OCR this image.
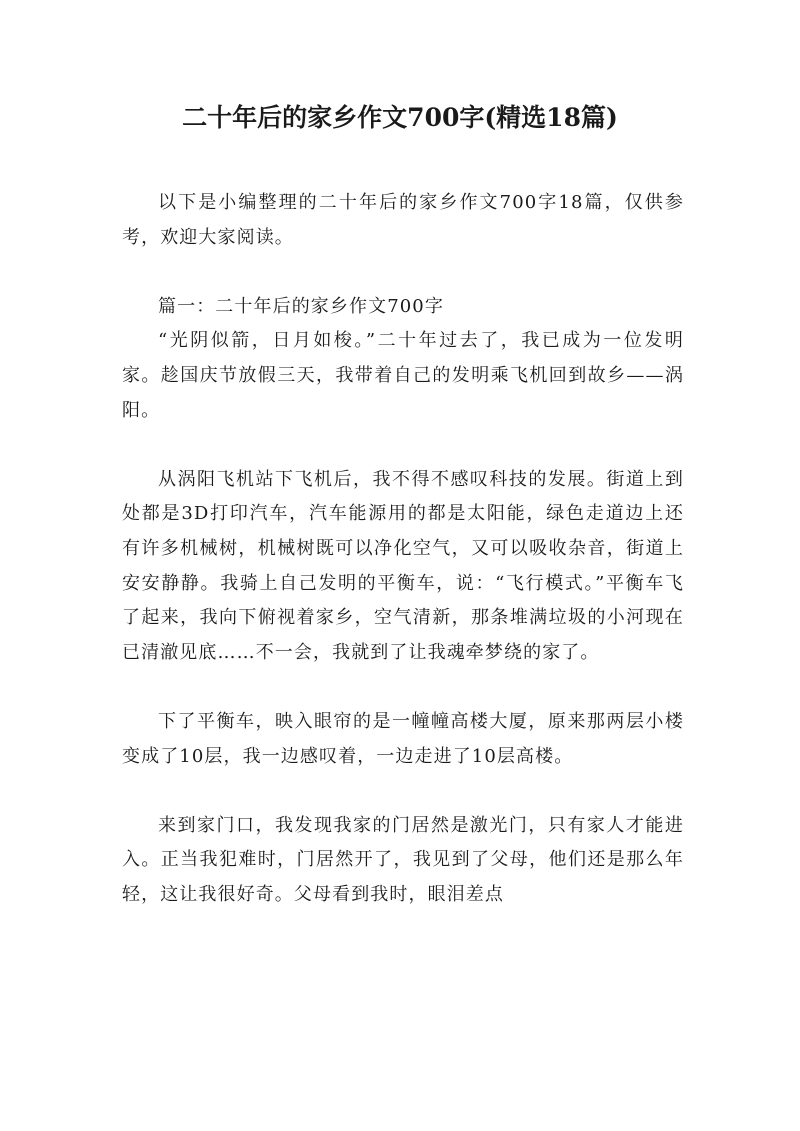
二十年后的家乡作文700字(精选18篇)

以下是小编整理的二十年后的家乡作文700字18篇，仅供参考，欢迎大家阅读。

篇一：二十年后的家乡作文700字

“光阴似箭，日月如梭。”二十年过去了，我已成为一位发明家。趁国庆节放假三天，我带着自己的发明乘飞机回到故乡——涡阳。

从涡阳飞机站下飞机后，我不得不感叹科技的发展。街道上到处都是3D打印汽车，汽车能源用的都是太阳能，绿色走道边上还有许多机械树，机械树既可以净化空气，又可以吸收杂音，街道上安安静静。我骑上自己发明的平衡车，说：“飞行模式。”平衡车飞了起来，我向下俯视着家乡，空气清新，那条堆满垃圾的小河现在已清澈见底……不一会，我就到了让我魂牵梦绕的家了。

下了平衡车，映入眼帘的是一幢幢高楼大厦，原来那两层小楼变成了10层，我一边感叹着，一边走进了10层高楼。

来到家门口，我发现我家的门居然是激光门，只有家人才能进入。正当我犯难时，门居然开了，我见到了父母，他们还是那么年轻，这让我很好奇。父母看到我时，眼泪差点
